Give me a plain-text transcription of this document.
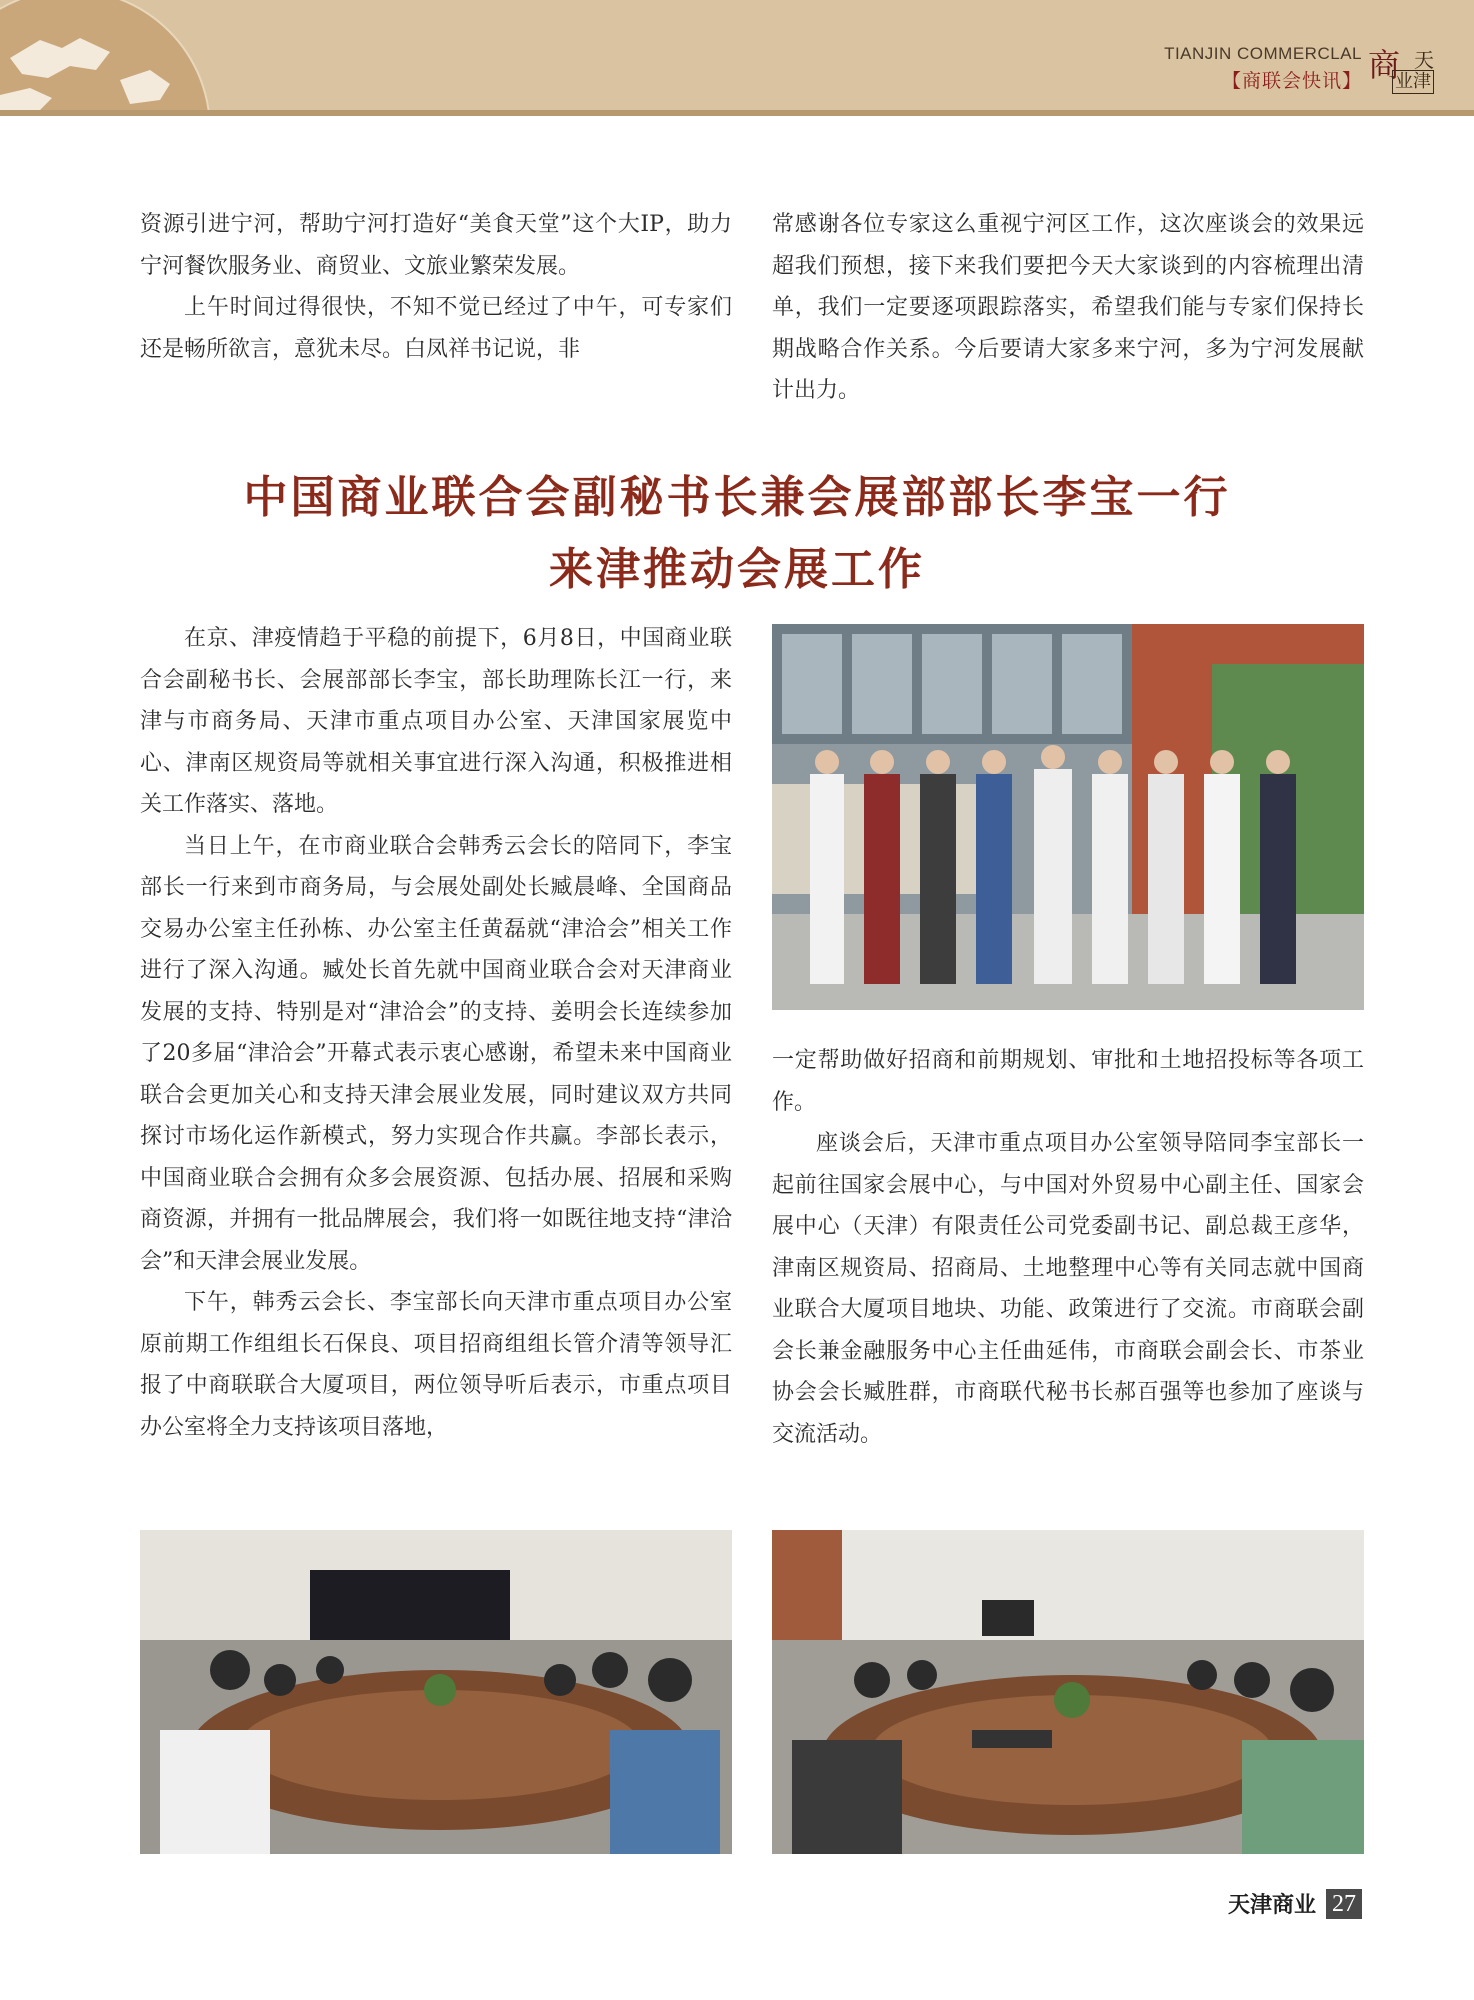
TIANJIN COMMERCLAL
【商联会快讯】 商 天
业津

资源引进宁河，帮助宁河打造好“美食天堂”这个大IP，助力宁河餐饮服务业、商贸业、文旅业繁荣发展。

上午时间过得很快，不知不觉已经过了中午，可专家们还是畅所欲言，意犹未尽。白凤祥书记说，非

常感谢各位专家这么重视宁河区工作，这次座谈会的效果远超我们预想，接下来我们要把今天大家谈到的内容梳理出清单，我们一定要逐项跟踪落实，希望我们能与专家们保持长期战略合作关系。今后要请大家多来宁河，多为宁河发展献计出力。

中国商业联合会副秘书长兼会展部部长李宝一行
来津推动会展工作

在京、津疫情趋于平稳的前提下，6月8日，中国商业联合会副秘书长、会展部部长李宝，部长助理陈长江一行，来津与市商务局、天津市重点项目办公室、天津国家展览中心、津南区规资局等就相关事宜进行深入沟通，积极推进相关工作落实、落地。

当日上午，在市商业联合会韩秀云会长的陪同下，李宝部长一行来到市商务局，与会展处副处长臧晨峰、全国商品交易办公室主任孙栋、办公室主任黄磊就“津洽会”相关工作进行了深入沟通。臧处长首先就中国商业联合会对天津商业发展的支持、特别是对“津洽会”的支持、姜明会长连续参加了20多届“津洽会”开幕式表示衷心感谢，希望未来中国商业联合会更加关心和支持天津会展业发展，同时建议双方共同探讨市场化运作新模式，努力实现合作共赢。李部长表示，中国商业联合会拥有众多会展资源、包括办展、招展和采购商资源，并拥有一批品牌展会，我们将一如既往地支持“津洽会”和天津会展业发展。

下午，韩秀云会长、李宝部长向天津市重点项目办公室原前期工作组组长石保良、项目招商组组长管介清等领导汇报了中商联联合大厦项目，两位领导听后表示，市重点项目办公室将全力支持该项目落地，

一定帮助做好招商和前期规划、审批和土地招投标等各项工作。

座谈会后，天津市重点项目办公室领导陪同李宝部长一起前往国家会展中心，与中国对外贸易中心副主任、国家会展中心（天津）有限责任公司党委副书记、副总裁王彦华，津南区规资局、招商局、土地整理中心等有关同志就中国商业联合大厦项目地块、功能、政策进行了交流。市商联会副会长兼金融服务中心主任曲延伟，市商联会副会长、市茶业协会会长臧胜群，市商联代秘书长郝百强等也参加了座谈与交流活动。

天津商业 27
